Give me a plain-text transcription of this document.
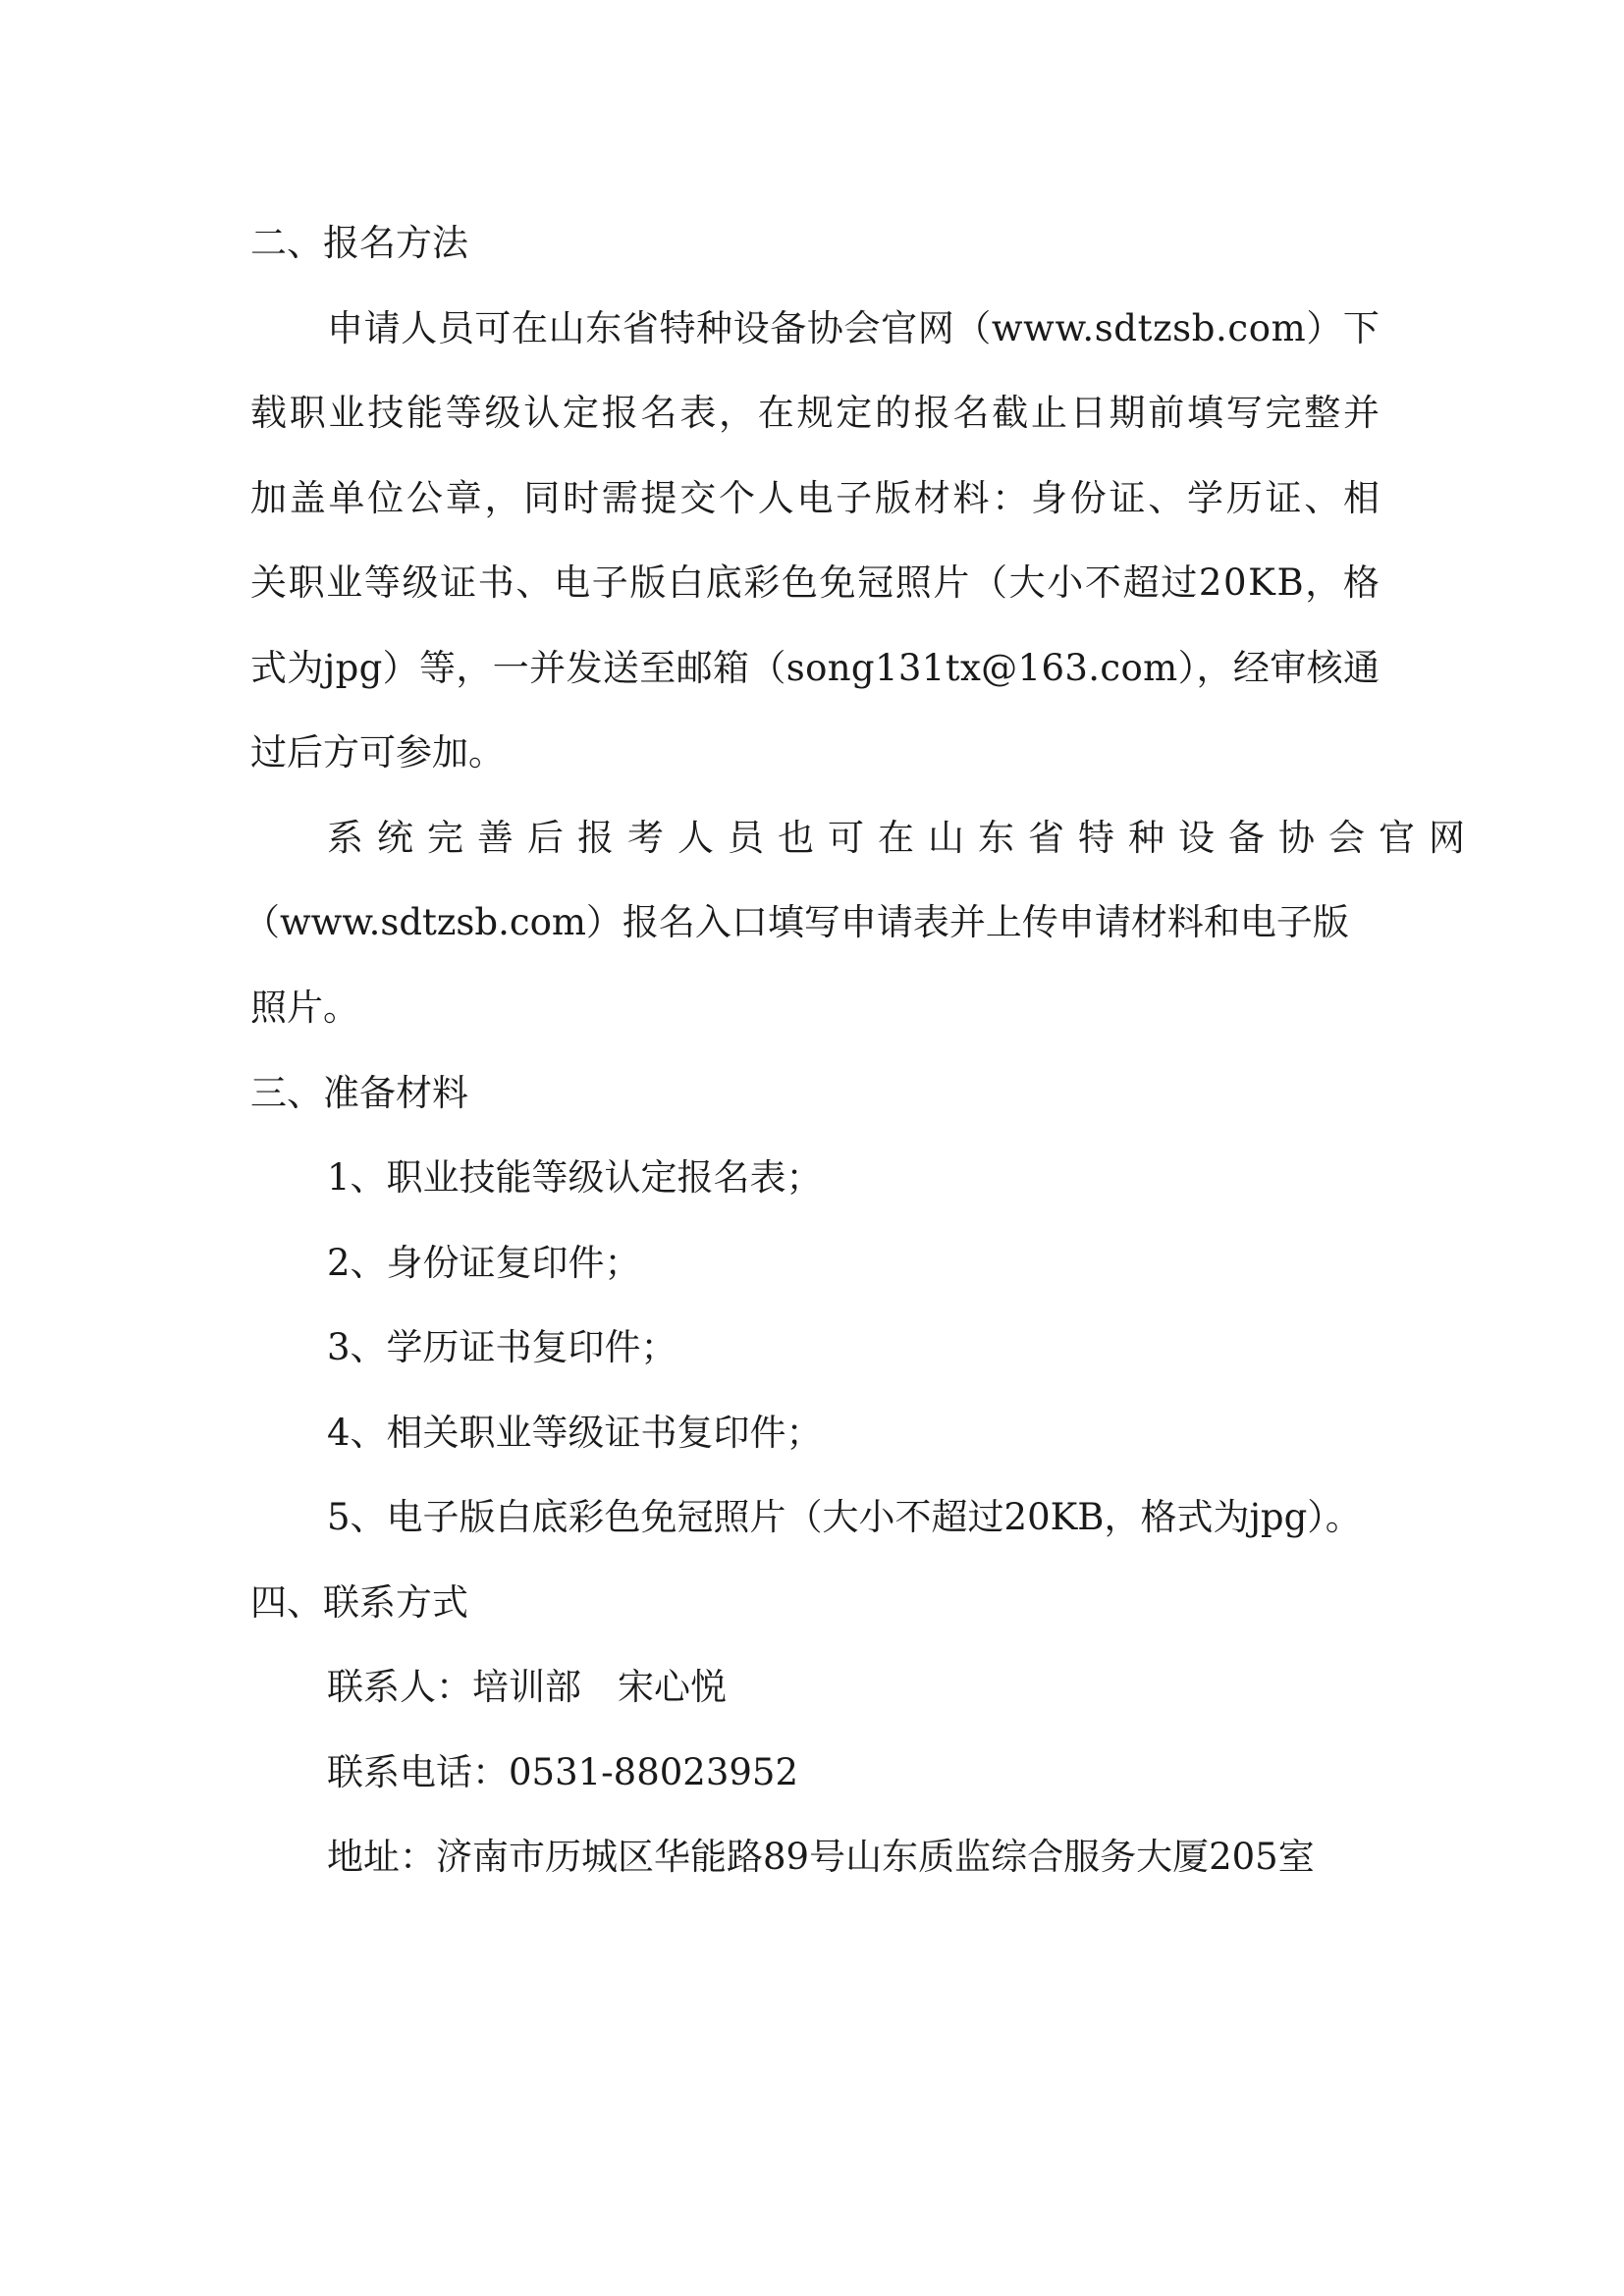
二、报名方法
申请人员可在山东省特种设备协会官网（www.sdtzsb.com）下
载职业技能等级认定报名表，在规定的报名截止日期前填写完整并
加盖单位公章，同时需提交个人电子版材料：身份证、学历证、相
关职业等级证书、电子版白底彩色免冠照片（大小不超过20KB，格
式为jpg）等，一并发送至邮箱（song131tx@163.com），经审核通
过后方可参加。
系统完善后报考人员也可在山东省特种设备协会官网
（www.sdtzsb.com）报名入口填写申请表并上传申请材料和电子版
照片。
三、准备材料
1、职业技能等级认定报名表；
2、身份证复印件；
3、学历证书复印件；
4、相关职业等级证书复印件；
5、电子版白底彩色免冠照片（大小不超过20KB，格式为jpg）。
四、联系方式
联系人：培训部　宋心悦
联系电话：0531-88023952
地址：济南市历城区华能路89号山东质监综合服务大厦205室
